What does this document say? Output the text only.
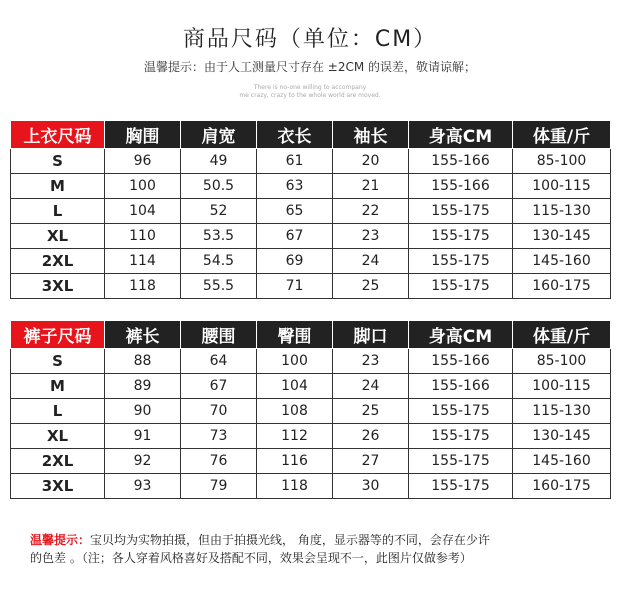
商品尺码（单位：CM）
温馨提示：由于人工测量尺寸存在 ±2CM 的误差，敬请谅解；
There is no-one willing to accompany
me crazy, crazy to the whole world are moved.
上衣尺码	胸围	肩宽	衣长	袖长	身高CM	体重/斤
S	96	49	61	20	155-166	85-100
M	100	50.5	63	21	155-166	100-115
L	104	52	65	22	155-175	115-130
XL	110	53.5	67	23	155-175	130-145
2XL	114	54.5	69	24	155-175	145-160
3XL	118	55.5	71	25	155-175	160-175
裤子尺码	裤长	腰围	臀围	脚口	身高CM	体重/斤
S	88	64	100	23	155-166	85-100
M	89	67	104	24	155-166	100-115
L	90	70	108	25	155-175	115-130
XL	91	73	112	26	155-175	130-145
2XL	92	76	116	27	155-175	145-160
3XL	93	79	118	30	155-175	160-175
温馨提示：宝贝均为实物拍摄，但由于拍摄光线， 角度，显示器等的不同，会存在少许
的色差 。（注；各人穿着风格喜好及搭配不同，效果会呈现不一，此图片仅做参考）
